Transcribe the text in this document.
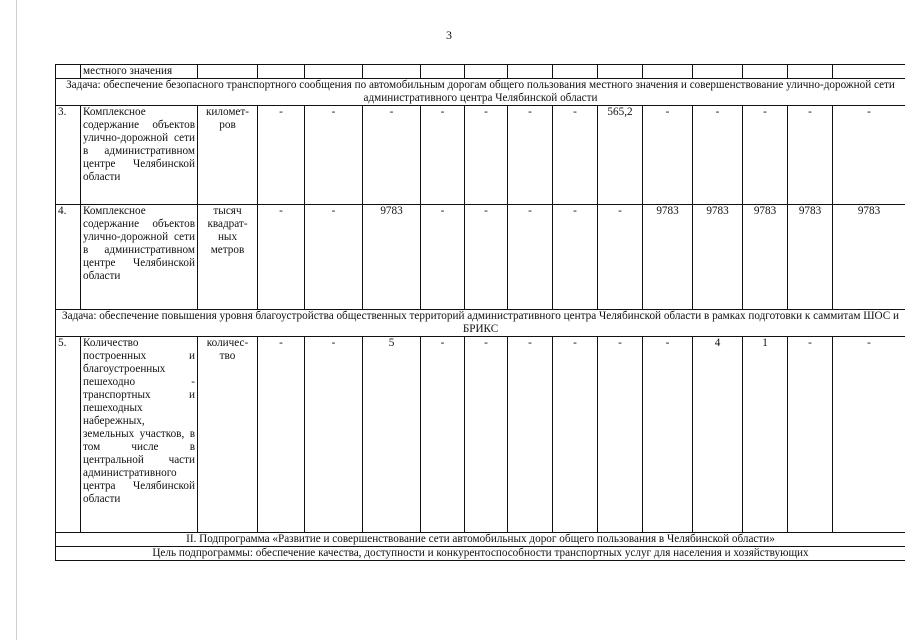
3
	местного значения														
Задача: обеспечение безопасного транспортного сообщения по автомобильным дорогам общего пользования местного значения и совершенствование улично-дорожной сети административного центра Челябинской области															
3.	Комплексное содержание объектов улично-дорожной сети в административном центре Челябинской области	километ-ров	-	-	-	-	-	-	-	565,2	-	-	-	-	-
4.	Комплексное содержание объектов улично-дорожной сети в административном центре Челябинской области	тысяч квадрат-ных метров	-	-	9783	-	-	-	-	-	9783	9783	9783	9783	9783
Задача: обеспечение повышения уровня благоустройства общественных территорий административного центра Челябинской области в рамках подготовки к саммитам ШОС и БРИКС															
5.	Количество построенных и благоустроенных пешеходно - транспортных и пешеходных набережных, земельных участков, в том числе в центральной части административного центра Челябинской области	количес-тво	-	-	5	-	-	-	-	-	-	4	1	-	-
II. Подпрограмма «Развитие и совершенствование сети автомобильных дорог общего пользования в Челябинской области»															
Цель подпрограммы: обеспечение качества, доступности и конкурентоспособности транспортных услуг для населения и хозяйствующих															
